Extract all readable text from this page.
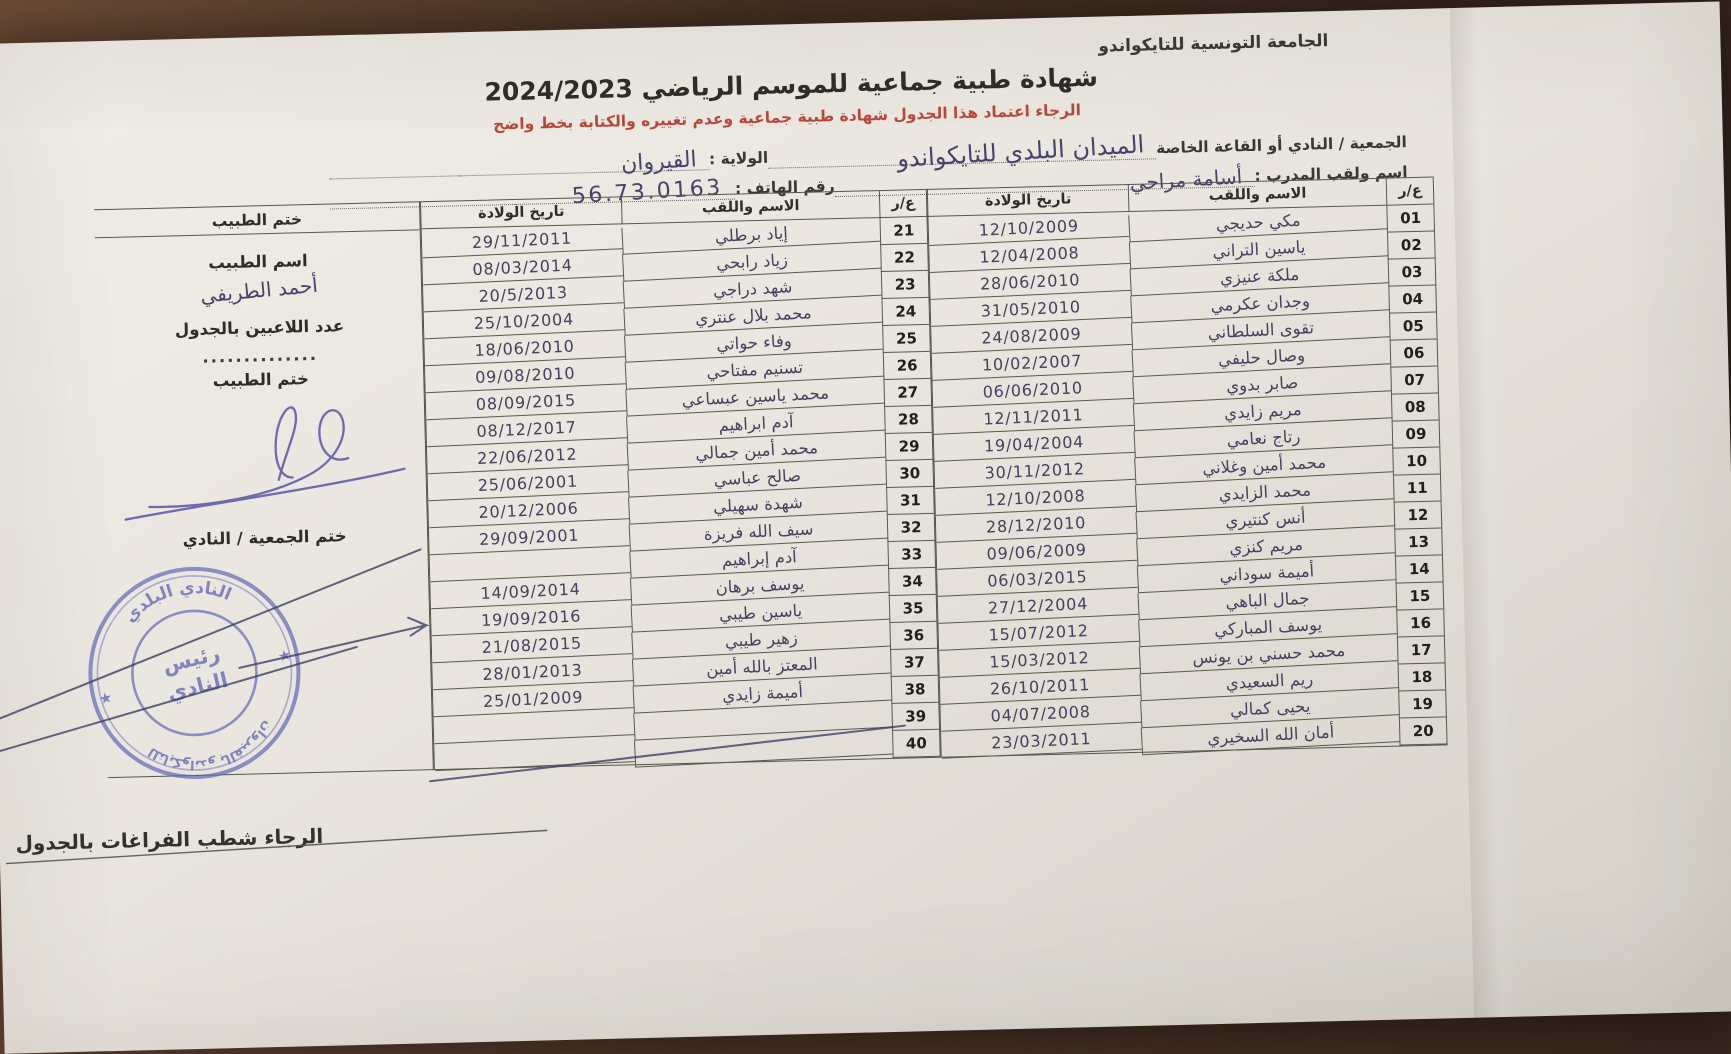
الجامعة التونسية للتايكواندو
شهادة طبية جماعية للموسم الرياضي 2024/2023
الرجاء اعتماد هذا الجدول شهادة طبية جماعية وعدم تغييره والكتابة بخط واضح
الجمعية / النادي أو القاعة الخاصة
الميدان البلدي للتايكواندو
الولاية :
القيروان	اسم ولقب المدرب :
أسامة مراحي
رقم الهاتف :
56.73.0163
ختم الطبيب
اسم الطبيب
أحمد الطريفي
عدد اللاعبين بالجدول
..............
ختم الطبيب
ختم الجمعية / النادي
النادي البلدي
للتايكواندو بالقيروان
رئيس
النادي
★
★
تاريخ الولادة	الاسم واللقب	ع/ر
29/11/2011	إياد برطلي	21
08/03/2014	زياد رابحي	22
20/5/2013	شهد دراجي	23
25/10/2004	محمد بلال عنتري	24
18/06/2010	وفاء حواتي	25
09/08/2010	تسنيم مفتاحي	26
08/09/2015	محمد ياسين عبساعي	27
08/12/2017	آدم ابراهيم	28
22/06/2012	محمد أمين جمالي	29
25/06/2001	صالح عباسي	30
20/12/2006	شهدة سهيلي	31
29/09/2001	سيف الله فريزة	32
آدم إبراهيم	33
14/09/2014	يوسف برهان	34
19/09/2016	ياسين طيبي	35
21/08/2015	زهير طيبي	36
28/01/2013	المعتز بالله أمين	37
25/01/2009	أميمة زايدي	38
39
40
تاريخ الولادة	الاسم واللقب	ع/ر
12/10/2009	مكي حديجي	01
12/04/2008	ياسين التراني	02
28/06/2010	ملكة عنيزي	03
31/05/2010	وجدان عكرمي	04
24/08/2009	تقوى السلطاني	05
10/02/2007	وصال حليفي	06
06/06/2010	صابر بدوي	07
12/11/2011	مريم زايدي	08
19/04/2004	رتاج نعامي	09
30/11/2012	محمد أمين وغلاني	10
12/10/2008	محمد الزايدي	11
28/12/2010	أنس كنتيري	12
09/06/2009	مريم كنزي	13
06/03/2015	أميمة سوداني	14
27/12/2004	جمال الباهي	15
15/07/2012	يوسف المباركي	16
15/03/2012	محمد حسني بن يونس	17
26/10/2011	ريم السعيدي	18
04/07/2008	يحيى كمالي	19
23/03/2011	أمان الله السخيري	20
الرجاء شطب الفراغات بالجدول
